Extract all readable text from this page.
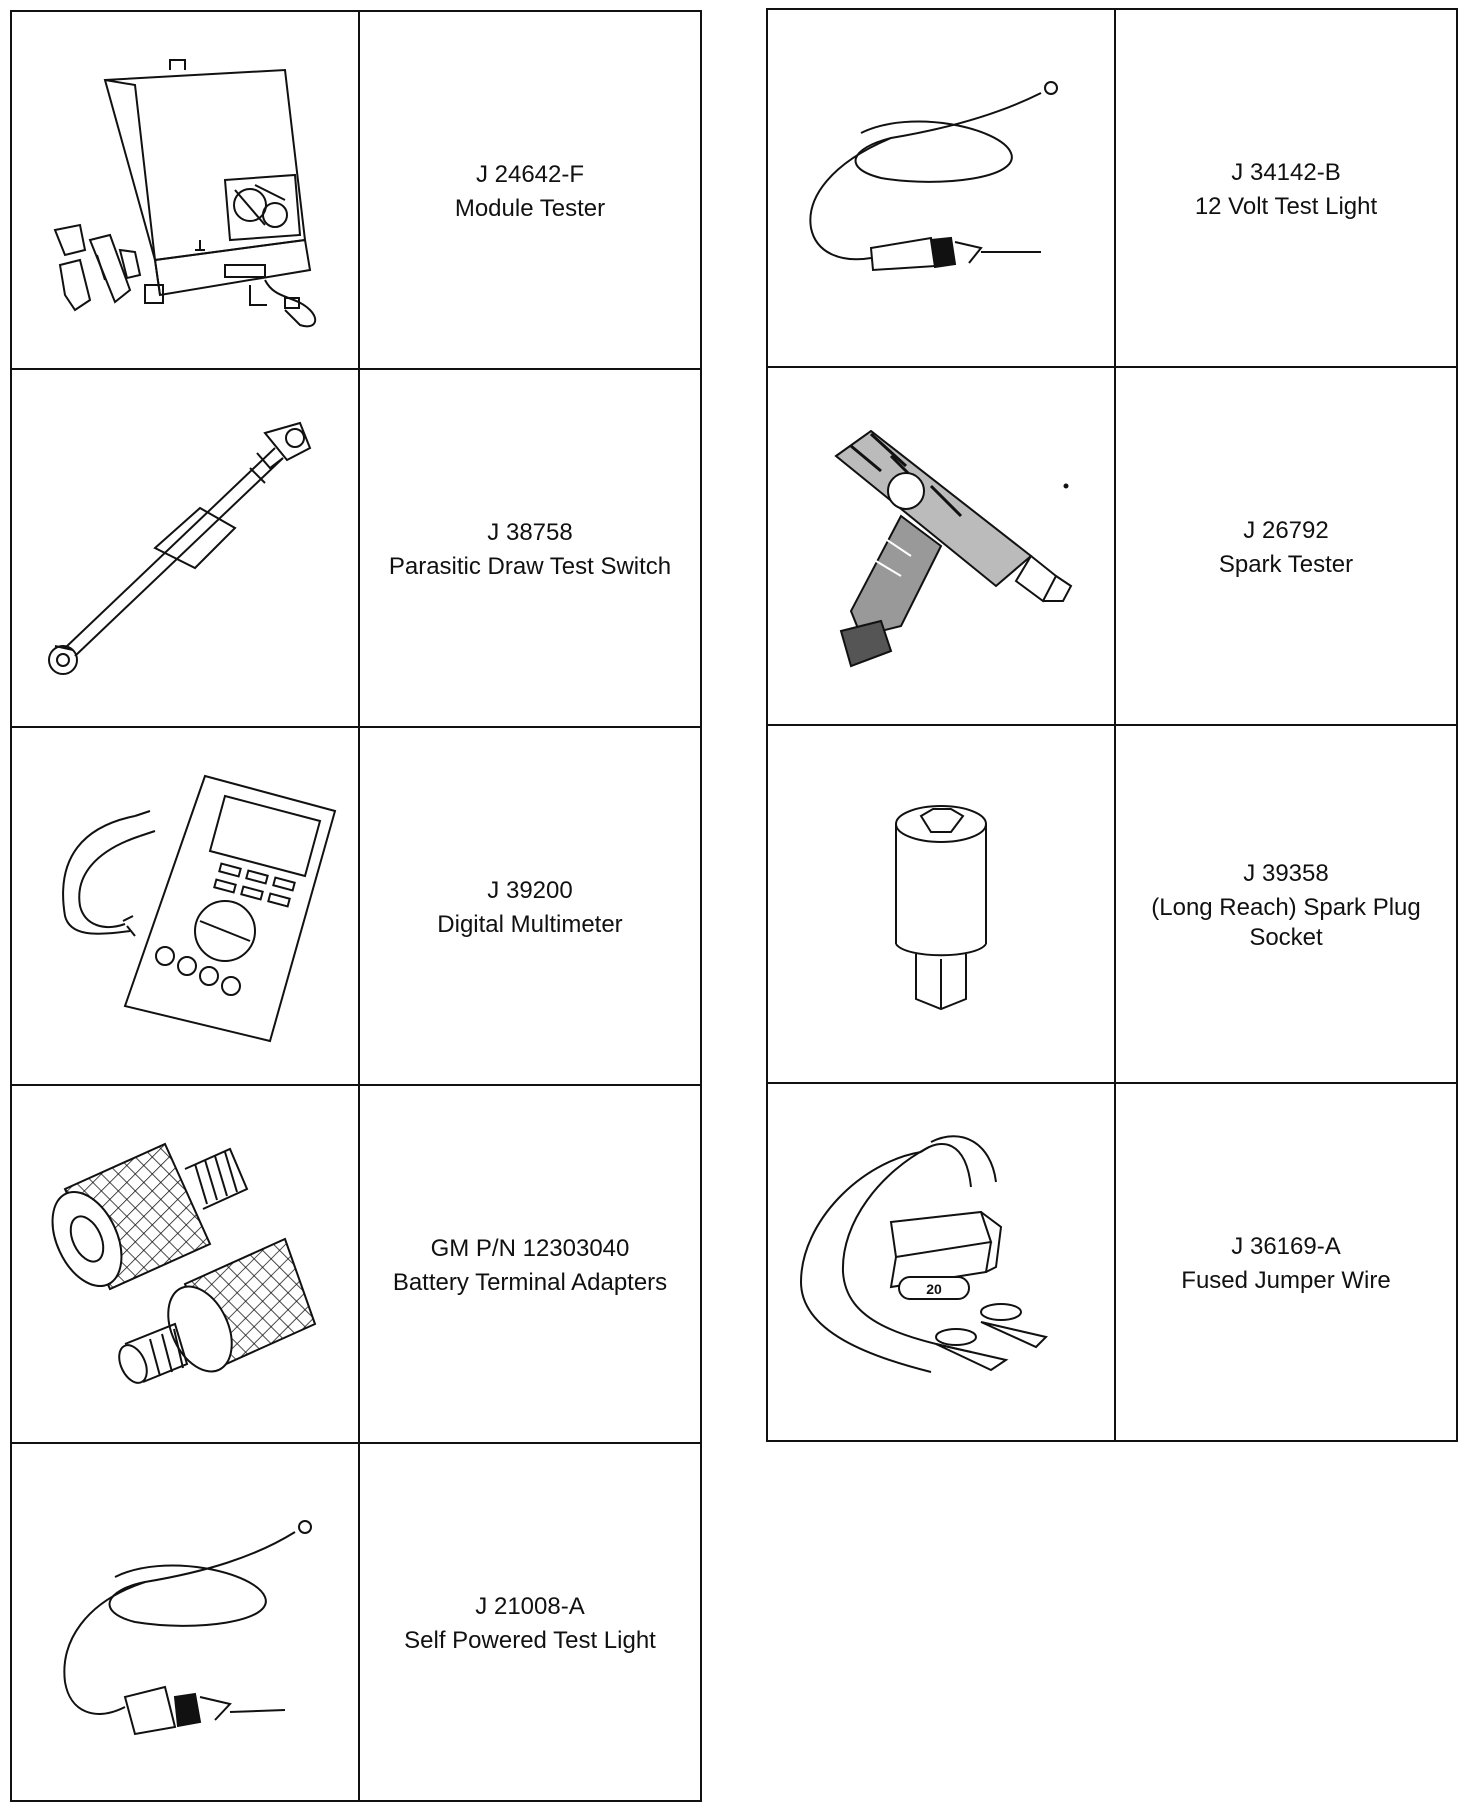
J 24642-F
Module Tester

J 38758
Parasitic Draw Test Switch

J 39200
Digital Multimeter

GM P/N 12303040
Battery Terminal Adapters

J 21008-A
Self Powered Test Light

J 34142-B
12 Volt Test Light

J 26792
Spark Tester

J 39358
(Long Reach) Spark Plug Socket

20	J 36169-A
Fused Jumper Wire
